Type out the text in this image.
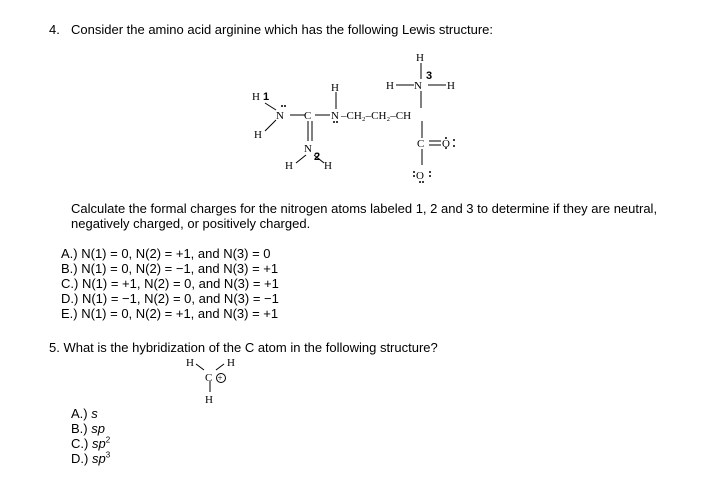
4. Consider the amino acid arginine which has the following Lewis structure:
H 1
N
H
C
N
2
H	H
H
N –CH₂–CH₂–CH
H
3
H N H
C O
O
Calculate the formal charges for the nitrogen atoms labeled 1, 2 and 3 to determine if they are neutral, negatively charged, or positively charged.
A.) N(1) = 0, N(2) = +1, and N(3) = 0
B.) N(1) = 0, N(2) = −1, and N(3) = +1
C.) N(1) = +1, N(2) = 0, and N(3) = +1
D.) N(1) = −1, N(2) = 0, and N(3) = −1
E.) N(1) = 0, N(2) = +1, and N(3) = +1
5. What is the hybridization of the C atom in the following structure?
H	H
C +
H
A.) s
B.) sp
C.) $sp^2$
D.) $sp^3$
